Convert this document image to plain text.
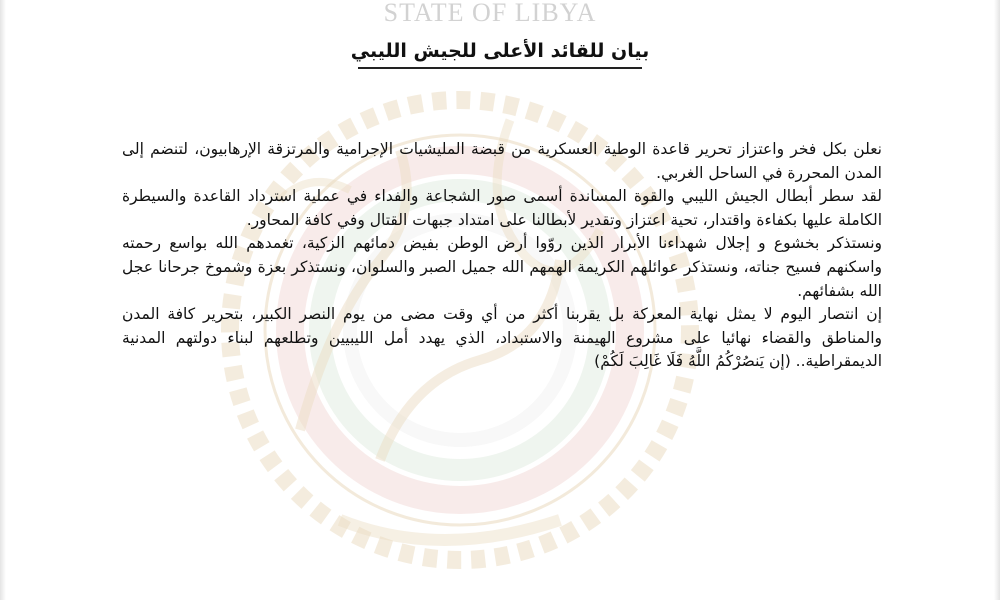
STATE OF LIBYA
بيان للقائد الأعلى للجيش الليبي

نعلن بكل فخر واعتزاز تحرير قاعدة الوطية العسكرية من قبضة المليشيات الإجرامية والمرتزقة الإرهابيون، لتنضم إلى المدن المحررة في الساحل الغربي.

لقد سطر أبطال الجيش الليبي والقوة المساندة أسمى صور الشجاعة والفداء في عملية استرداد القاعدة والسيطرة الكاملة عليها بكفاءة واقتدار، تحية اعتزاز وتقدير لأبطالنا على امتداد جبهات القتال وفي كافة المحاور.

ونستذكر بخشوع و إجلال شهداءنا الأبرار الذين روّوا أرض الوطن بفيض دمائهم الزكية، تغمدهم الله بواسع رحمته واسكنهم فسيح جناته، ونستذكر عوائلهم الكريمة الهمهم الله جميل الصبر والسلوان، ونستذكر بعزة وشموخ جرحانا عجل الله بشفائهم.

إن انتصار اليوم لا يمثل نهاية المعركة بل يقربنا أكثر من أي وقت مضى من يوم النصر الكبير، بتحرير كافة المدن والمناطق والقضاء نهائيا على مشروع الهيمنة والاستبداد، الذي يهدد أمل الليبيين وتطلعهم لبناء دولتهم المدنية الديمقراطية.. (إن يَنصُرْكُمُ اللَّهُ فَلَا غَالِبَ لَكُمْ)
